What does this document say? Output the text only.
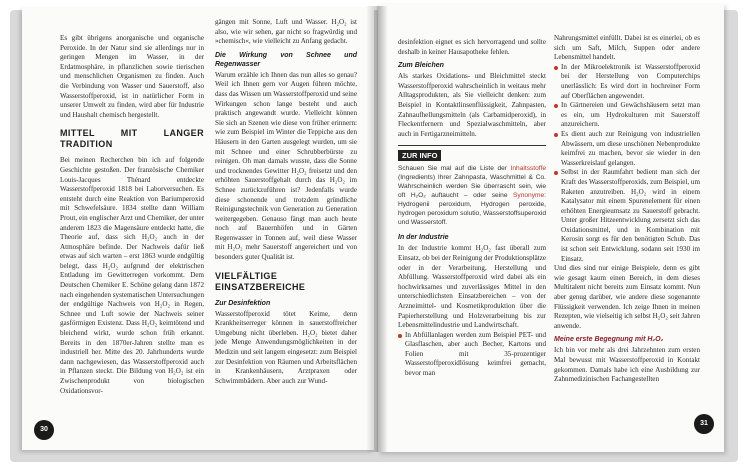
Es gibt übrigens anorganische und organische Peroxide. In der Natur sind sie allerdings nur in geringen Mengen im Wasser, in der Erdatmosphäre, in pflanzlichen sowie tierischen und menschlichen Organismen zu finden. Auch die Verbindung von Wasser und Sauerstoff, also Wasserstoffperoxid, ist in natürlicher Form in unserer Umwelt zu finden, wird aber für Industrie und Haushalt chemisch hergestellt.

MITTEL MIT LANGER TRADITION

Bei meinen Recherchen bin ich auf folgende Geschichte gestoßen. Der französische Chemiker Louis-Jacques Thénard entdeckte Wasserstoffperoxid 1818 bei Laborversuchen. Es entsteht durch eine Reaktion von Bariumperoxid mit Schwefelsäure. 1834 stellte dann William Prout, ein englischer Arzt und Chemiker, der unter anderem 1823 die Magensäure entdeckt hatte, die Theorie auf, dass sich H₂O₂ auch in der Atmosphäre befinde. Der Nachweis dafür ließ etwas auf sich warten – erst 1863 wurde endgültig belegt, dass H₂O₂ aufgrund der elektrischen Entladung im Gewitterregen vorkommt. Dem Deutschen Chemiker E. Schöne gelang dann 1872 nach eingehenden systematischen Untersuchungen der endgültige Nachweis von H₂O₂ in Regen, Schnee und Luft sowie der Nachweis seiner gasförmigen Existenz. Dass H₂O₂ keimtötend und bleichend wirkt, wurde schon früh erkannt. Bereits in den 1870er-Jahren stellte man es industriell her. Mitte des 20. Jahrhunderts wurde dann nachgewiesen, das Wasserstoffperoxid auch in Pflanzen steckt. Die Bildung von H₂O₂ ist ein Zwischenprodukt von biologischen Oxidationsvor-

gängen mit Sonne, Luft und Wasser. H₂O₂ ist also, wie wir sehen, gar nicht so fragwürdig und »chemisch«, wie vielleicht zu Anfang gedacht.

Die Wirkung von Schnee und Regenwasser

Warum erzähle ich Ihnen das nun alles so genau? Weil ich Ihnen gern vor Augen führen möchte, dass das Wissen um Wasserstoffperoxid und seine Wirkungen schon lange besteht und auch praktisch angewandt wurde. Vielleicht können Sie sich an Szenen wie diese von früher erinnern: wie zum Beispiel im Winter die Teppiche aus den Häusern in den Garten ausgelegt wurden, um sie mit Schnee und einer Schrubberbürste zu reinigen. Oh man damals wusste, dass die Sonne und trocknendes Gewitter H₂O₂ freisetzt und den erhöhten Sauerstoffgehalt durch das H₂O₂ im Schnee zurückzuführen ist? Jedenfalls wurde diese schonende und trotzdem gründliche Reinigungstechnik von Generation zu Generation weitergegeben. Genauso fängt man auch heute noch auf Bauernhöfen und in Gärten Regenwasser in Tonnen auf, weil diese Wasser mit H₂O₂ mehr Sauerstoff angereichert und von besonders guter Qualität ist.

VIELFÄLTIGE EINSATZBEREICHE
Zur Desinfektion

Wasserstoffperoxid tötet Keime, denn Krankheitserreger können in sauerstoffreicher Umgebung nicht überleben. H₂O₂ bietet daher jede Menge Anwendungsmöglichkeiten in der Medizin und seit langem eingesetzt: zum Beispiel zur Desinfektion von Räumen und Arbeitsflächen in Krankenhäusern, Arztpraxen oder Schwimmbädern. Aber auch zur Wund-

30

desinfektion eignet es sich hervorragend und sollte deshalb in keiner Hausapotheke fehlen.

Zum Bleichen

Als starkes Oxidations- und Bleichmittel steckt Wasserstoffperoxid wahrscheinlich in weitaus mehr Alltagsprodukten, als Sie vielleicht denken: zum Beispiel in Kontaktlinsenflüssigkeit, Zahnpasten, Zahnaufhellungsmitteln (als Carbamidperoxid), in Fleckentfernern und Spezialwaschmitteln, aber auch in Fertigarzneimitteln.

ZUR INFO
Schauen Sie mal auf die Liste der Inhaltsstoffe (Ingredients) Ihrer Zahnpasta, Waschmittel & Co. Wahrscheinlich werden Sie überrascht sein, wie oft H₂O₂ auftaucht – oder seine Synonyme: Hydrogenii peroxidum, Hydrogen peroxide, hydrogen peroxidum solutio, Wasserstoffsuperoxid und Wasserstoff.
In der Industrie

In der Industrie kommt H₂O₂ fast überall zum Einsatz, ob bei der Reinigung der Produktionsplätze oder in der Verarbeitung, Herstellung und Abfüllung. Wasserstoffperoxid wird dabei als ein hochwirksames und zuverlässiges Mittel in den unterschiedlichsten Einsatzbereichen – von der Arzneimittel- und Kosmetikproduktion über die Papierherstellung und Holzverarbeitung bis zur Lebensmittelindustrie und Landwirtschaft.

In Abfüllanlagen werden zum Beispiel PET- und Glasflaschen, aber auch Becher, Kartons und Folien mit 35-prozentiger Wasserstoffperoxidlösung keimfrei gemacht, bevor man

Nahrungsmittel einfüllt. Dabei ist es einerlei, ob es sich um Saft, Milch, Suppen oder andere Lebensmittel handelt.

In der Mikroelektronik ist Wasserstoffperoxid bei der Herstellung von Computerchips unerlässlich: Es wird dort in hochreiner Form auf Oberflächen angewendet.
In Gärtnereien und Gewächshäusern setzt man es ein, um Hydrokulturen mit Sauerstoff anzureichern.
Es dient auch zur Reinigung von industriellen Abwässern, um diese unschönen Nebenprodukte keimfrei zu machen, bevor sie wieder in den Wasserkreislauf gelangen.
Selbst in der Raumfahrt bedient man sich der Kraft des Wasserstoffperoxids, zum Beispiel, um Raketen anzutreiben. H₂O₂ wird in einem Katalysator mit einem Spurenelement für einen erhöhten Energieumsatz zu Sauerstoff gebracht. Unter großer Hitzeentwicklung zersetzt sich das Oxidationsmittel, und in Kombination mit Kerosin sorgt es für den benötigten Schub. Das ist schon seit Entwicklung, sodann seit 1930 im Einsatz.

Und dies sind nur einige Beispiele, denn es gibt wie gesagt kaum einen Bereich, in dem dieses Multitalent nicht bereits zum Einsatz kommt. Nun aber genug darüber, wie andere diese sogenannte Flüssigkeit verwenden. Ich zeige Ihnen in meinen Rezepten, wie vielseitig ich selbst H₂O₂ seit Jahren anwende.

Meine erste Begegnung mit H₂O₂

Ich bin vor mehr als drei Jahrzehnten zum ersten Mal bewusst mit Wasserstoffperoxid in Kontakt gekommen. Damals habe ich eine Ausbildung zur Zahnmedizinischen Fachangestellten

31
